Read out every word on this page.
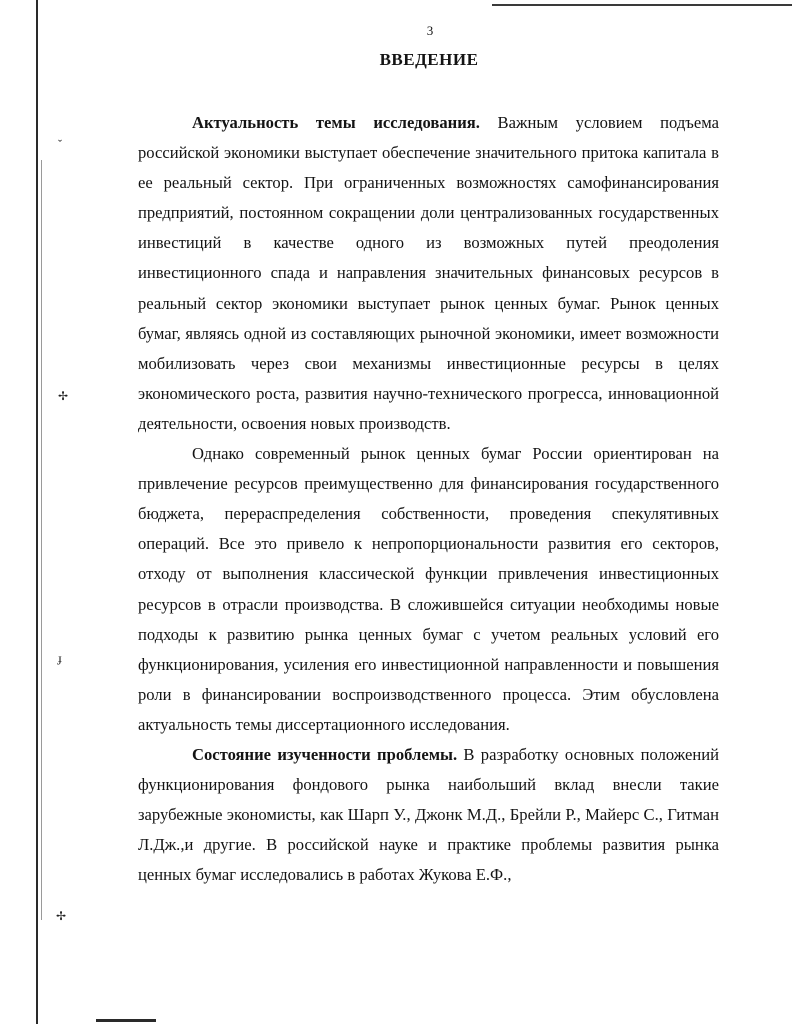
ˇ
✢
ɟ
✢
3
ВВЕДЕНИЕ

Актуальность темы исследования. Важным условием подъема российской экономики выступает обеспечение значительного притока капитала в ее реальный сектор. При ограниченных возможностях самофинансирования предприятий, постоянном сокращении доли централизованных государственных инвестиций в качестве одного из возможных путей преодоления инвестиционного спада и направления значительных финансовых ресурсов в реальный сектор экономики выступает рынок ценных бумаг. Рынок ценных бумаг, являясь одной из составляющих рыночной экономики, имеет возможности мобилизовать через свои механизмы инвестиционные ресурсы в целях экономического роста, развития научно-технического прогресса, инновационной деятельности, освоения новых производств.

Однако современный рынок ценных бумаг России ориентирован на привлечение ресурсов преимущественно для финансирования государственного бюджета, перераспределения собственности, проведения спекулятивных операций. Все это привело к непропорциональности развития его секторов, отходу от выполнения классической функции привлечения инвестиционных ресурсов в отрасли производства. В сложившейся ситуации необходимы новые подходы к развитию рынка ценных бумаг с учетом реальных условий его функционирования, усиления его инвестиционной направленности и повышения роли в финансировании воспроизводственного процесса. Этим обусловлена актуальность темы диссертационного исследования.

Состояние изученности проблемы. В разработку основных положений функционирования фондового рынка наибольший вклад внесли такие зарубежные экономисты, как Шарп У., Джонк М.Д., Брейли Р., Майерс С., Гитман Л.Дж.,и другие. В российской науке и практике проблемы развития рынка ценных бумаг исследовались в работах Жукова Е.Ф.,
